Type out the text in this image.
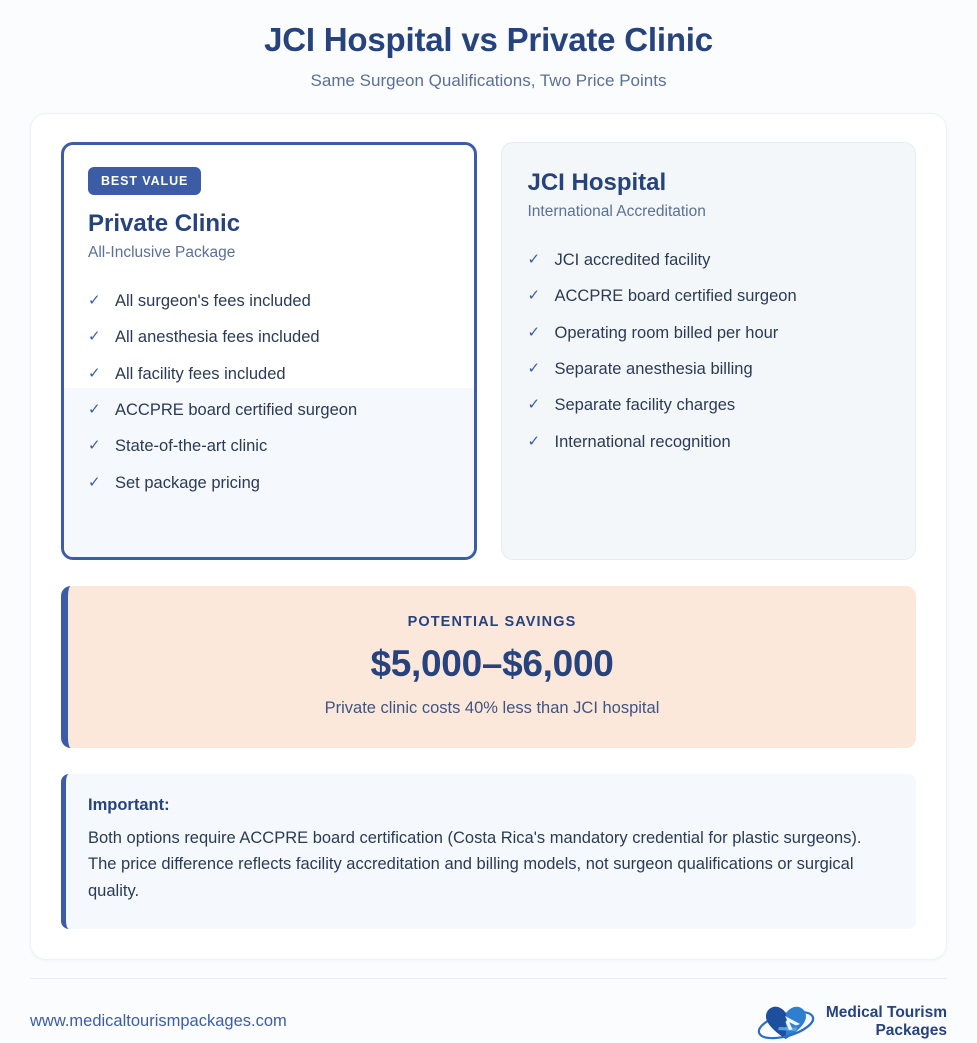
JCI Hospital vs Private Clinic
Same Surgeon Qualifications, Two Price Points
BEST VALUE
Private Clinic
All-Inclusive Package
✓ All surgeon's fees included
✓ All anesthesia fees included
✓ All facility fees included
✓ ACCPRE board certified surgeon
✓ State-of-the-art clinic
✓ Set package pricing
JCI Hospital
International Accreditation
✓ JCI accredited facility
✓ ACCPRE board certified surgeon
✓ Operating room billed per hour
✓ Separate anesthesia billing
✓ Separate facility charges
✓ International recognition
POTENTIAL SAVINGS
$5,000–$6,000
Private clinic costs 40% less than JCI hospital
Important:
Both options require ACCPRE board certification (Costa Rica's mandatory credential for plastic surgeons). The price difference reflects facility accreditation and billing models, not surgeon qualifications or surgical quality.
www.medicaltourismpackages.com	Medical Tourism
Packages
